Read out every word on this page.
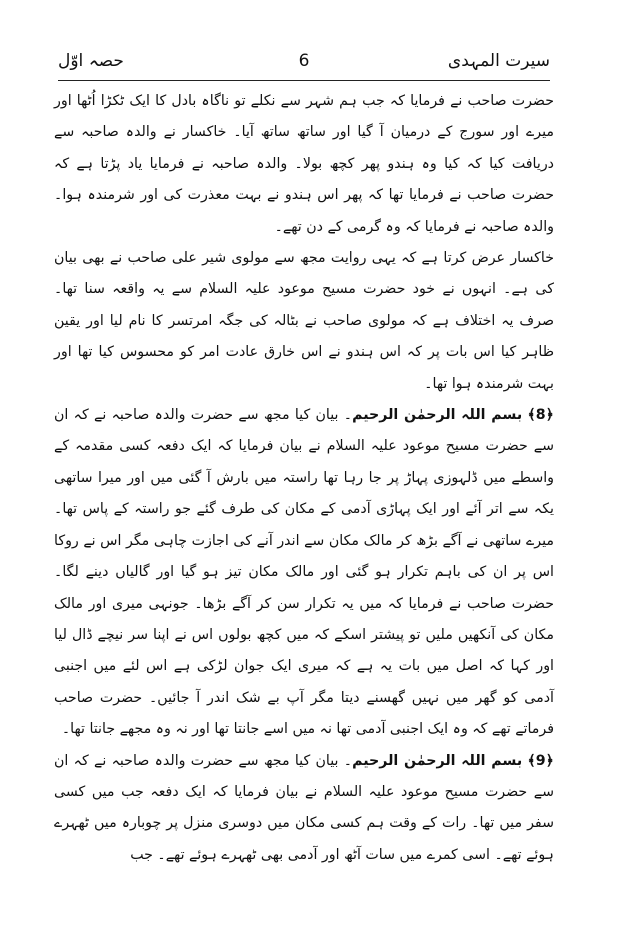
سیرت المہدی
6
حصہ اوّل

حضرت صاحب نے فرمایا کہ جب ہم شہر سے نکلے تو ناگاہ بادل کا ایک ٹکڑا اُٹھا اور میرے اور سورج کے درمیان آ گیا اور ساتھ ساتھ آیا۔ خاکسار نے والدہ صاحبہ سے دریافت کیا کہ کیا وہ ہندو پھر کچھ بولا۔ والدہ صاحبہ نے فرمایا یاد پڑتا ہے کہ حضرت صاحب نے فرمایا تھا کہ پھر اس ہندو نے بہت معذرت کی اور شرمندہ ہوا۔ والدہ صاحبہ نے فرمایا کہ وہ گرمی کے دن تھے۔

خاکسار عرض کرتا ہے کہ یہی روایت مجھ سے مولوی شیر علی صاحب نے بھی بیان کی ہے۔ انہوں نے خود حضرت مسیح موعود علیہ السلام سے یہ واقعہ سنا تھا۔ صرف یہ اختلاف ہے کہ مولوی صاحب نے بٹالہ کی جگہ امرتسر کا نام لیا اور یقین ظاہر کیا اس بات پر کہ اس ہندو نے اس خارق عادت امر کو محسوس کیا تھا اور بہت شرمندہ ہوا تھا۔

﴿8﴾ بسم اللہ الرحمٰن الرحیم۔ بیان کیا مجھ سے حضرت والدہ صاحبہ نے کہ ان سے حضرت مسیح موعود علیہ السلام نے بیان فرمایا کہ ایک دفعہ کسی مقدمہ کے واسطے میں ڈلہوزی پہاڑ پر جا رہا تھا راستہ میں بارش آ گئی میں اور میرا ساتھی یکہ سے اتر آئے اور ایک پہاڑی آدمی کے مکان کی طرف گئے جو راستہ کے پاس تھا۔ میرے ساتھی نے آگے بڑھ کر مالک مکان سے اندر آنے کی اجازت چاہی مگر اس نے روکا اس پر ان کی باہم تکرار ہو گئی اور مالک مکان تیز ہو گیا اور گالیاں دینے لگا۔ حضرت صاحب نے فرمایا کہ میں یہ تکرار سن کر آگے بڑھا۔ جونہی میری اور مالک مکان کی آنکھیں ملیں تو پیشتر اسکے کہ میں کچھ بولوں اس نے اپنا سر نیچے ڈال لیا اور کہا کہ اصل میں بات یہ ہے کہ میری ایک جوان لڑکی ہے اس لئے میں اجنبی آدمی کو گھر میں نہیں گھسنے دیتا مگر آپ بے شک اندر آ جائیں۔ حضرت صاحب فرماتے تھے کہ وہ ایک اجنبی آدمی تھا نہ میں اسے جانتا تھا اور نہ وہ مجھے جانتا تھا۔

﴿9﴾ بسم اللہ الرحمٰن الرحیم۔ بیان کیا مجھ سے حضرت والدہ صاحبہ نے کہ ان سے حضرت مسیح موعود علیہ السلام نے بیان فرمایا کہ ایک دفعہ جب میں کسی سفر میں تھا۔ رات کے وقت ہم کسی مکان میں دوسری منزل پر چوبارہ میں ٹھہرے ہوئے تھے۔ اسی کمرے میں سات آٹھ اور آدمی بھی ٹھہرے ہوئے تھے۔ جب
